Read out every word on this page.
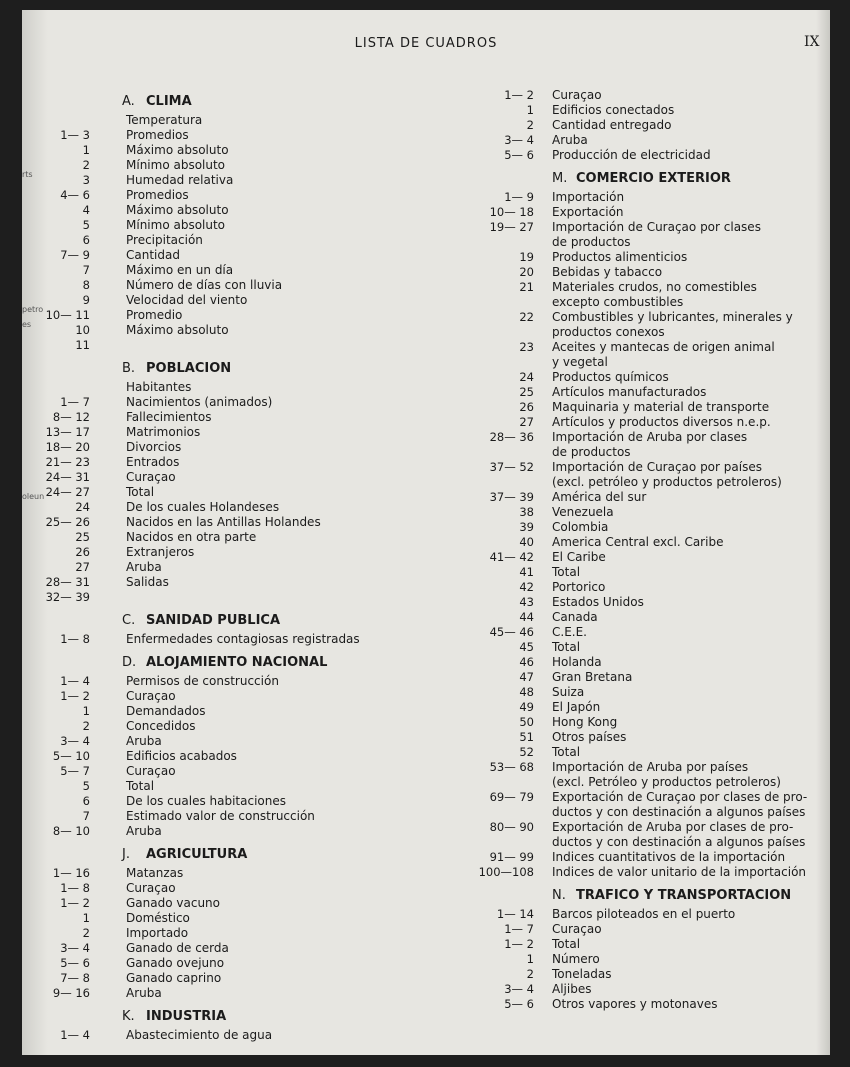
LISTA DE CUADROS	IX
rts
petro
es
oleun
A. CLIMA
Temperatura
1— 3	Promedios
1	Máximo absoluto
2	Mínimo absoluto
3	Humedad relativa
4— 6	Promedios
4	Máximo absoluto
5	Mínimo absoluto
6	Precipitación
7— 9	Cantidad
7	Máximo en un día
8	Número de días con lluvia
9	Velocidad del viento
10— 11	Promedio
10	Máximo absoluto
11
B. POBLACION
Habitantes
1— 7	Nacimientos (animados)
8— 12	Fallecimientos
13— 17	Matrimonios
18— 20	Divorcios
21— 23	Entrados
24— 31	Curaçao
24— 27	Total
24	De los cuales Holandeses
25— 26	Nacidos en las Antillas Holandes
25	Nacidos en otra parte
26	Extranjeros
27	Aruba
28— 31	Salidas
32— 39
C. SANIDAD PUBLICA
1— 8	Enfermedades contagiosas registradas
D. ALOJAMIENTO NACIONAL
1— 4	Permisos de construcción
1— 2	Curaçao
1	Demandados
2	Concedidos
3— 4	Aruba
5— 10	Edificios acabados
5— 7	Curaçao
5	Total
6	De los cuales habitaciones
7	Estimado valor de construcción
8— 10	Aruba
J. AGRICULTURA
1— 16	Matanzas
1— 8	Curaçao
1— 2	Ganado vacuno
1	Doméstico
2	Importado
3— 4	Ganado de cerda
5— 6	Ganado ovejuno
7— 8	Ganado caprino
9— 16	Aruba
K. INDUSTRIA
1— 4	Abastecimiento de agua
1— 2 Curaçao
1 Edificios conectados
2 Cantidad entregado
3— 4 Aruba
5— 6 Producción de electricidad
M. COMERCIO EXTERIOR
1— 9 Importación
10— 18 Exportación
19— 27 Importación de Curaçao por clases
de productos
19 Productos alimenticios
20 Bebidas y tabacco
21 Materiales crudos, no comestibles
excepto combustibles
22 Combustibles y lubricantes, minerales y
productos conexos
23 Aceites y mantecas de origen animal
y vegetal
24 Productos químicos
25 Artículos manufacturados
26 Maquinaria y material de transporte
27 Artículos y productos diversos n.e.p.
28— 36 Importación de Aruba por clases
de productos
37— 52 Importación de Curaçao por países
(excl. petróleo y productos petroleros)
37— 39 América del sur
38 Venezuela
39 Colombia
40 America Central excl. Caribe
41— 42 El Caribe
41 Total
42 Portorico
43 Estados Unidos
44 Canada
45— 46 C.E.E.
45 Total
46 Holanda
47 Gran Bretana
48 Suiza
49 El Japón
50 Hong Kong
51 Otros países
52 Total
53— 68 Importación de Aruba por países
(excl. Petróleo y productos petroleros)
69— 79 Exportación de Curaçao por clases de pro-
ductos y con destinación a algunos países
80— 90 Exportación de Aruba por clases de pro-
ductos y con destinación a algunos países
91— 99 Indices cuantitativos de la importación
100—108 Indices de valor unitario de la importación
N. TRAFICO Y TRANSPORTACION
1— 14 Barcos piloteados en el puerto
1— 7 Curaçao
1— 2 Total
1 Número
2 Toneladas
3— 4 Aljibes
5— 6 Otros vapores y motonaves
